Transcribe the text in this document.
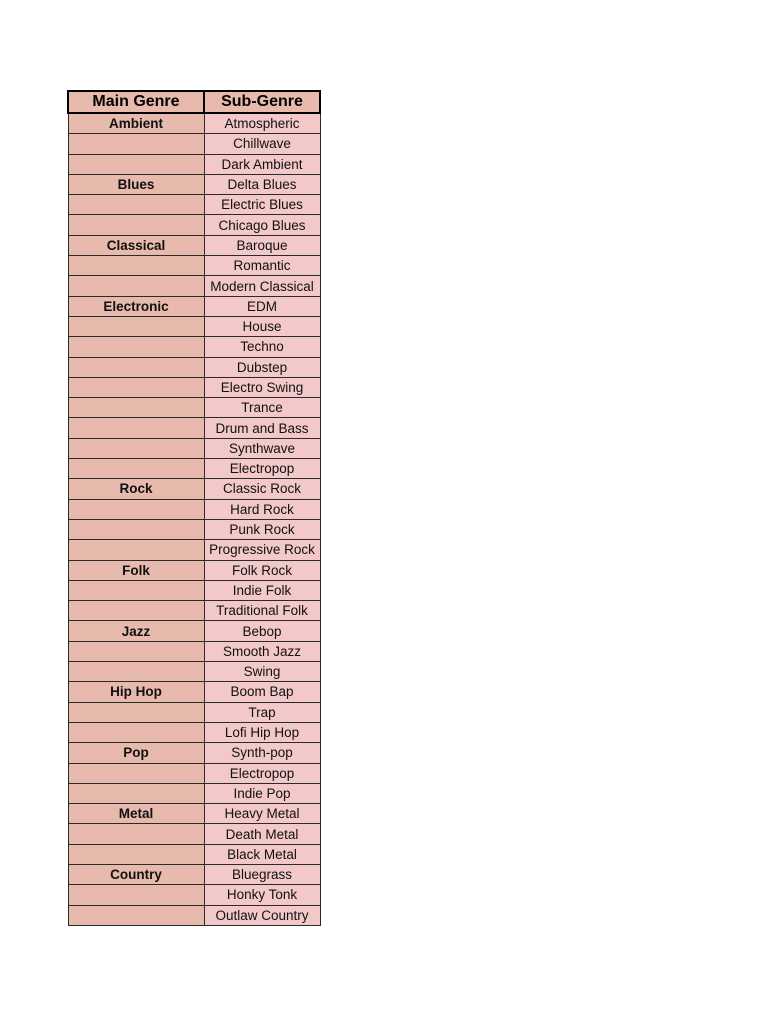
Main Genre	Sub-Genre
Ambient	Atmospheric
	Chillwave
	Dark Ambient
Blues	Delta Blues
	Electric Blues
	Chicago Blues
Classical	Baroque
	Romantic
	Modern Classical
Electronic	EDM
	House
	Techno
	Dubstep
	Electro Swing
	Trance
	Drum and Bass
	Synthwave
	Electropop
Rock	Classic Rock
	Hard Rock
	Punk Rock
	Progressive Rock
Folk	Folk Rock
	Indie Folk
	Traditional Folk
Jazz	Bebop
	Smooth Jazz
	Swing
Hip Hop	Boom Bap
	Trap
	Lofi Hip Hop
Pop	Synth-pop
	Electropop
	Indie Pop
Metal	Heavy Metal
	Death Metal
	Black Metal
Country	Bluegrass
	Honky Tonk
	Outlaw Country
